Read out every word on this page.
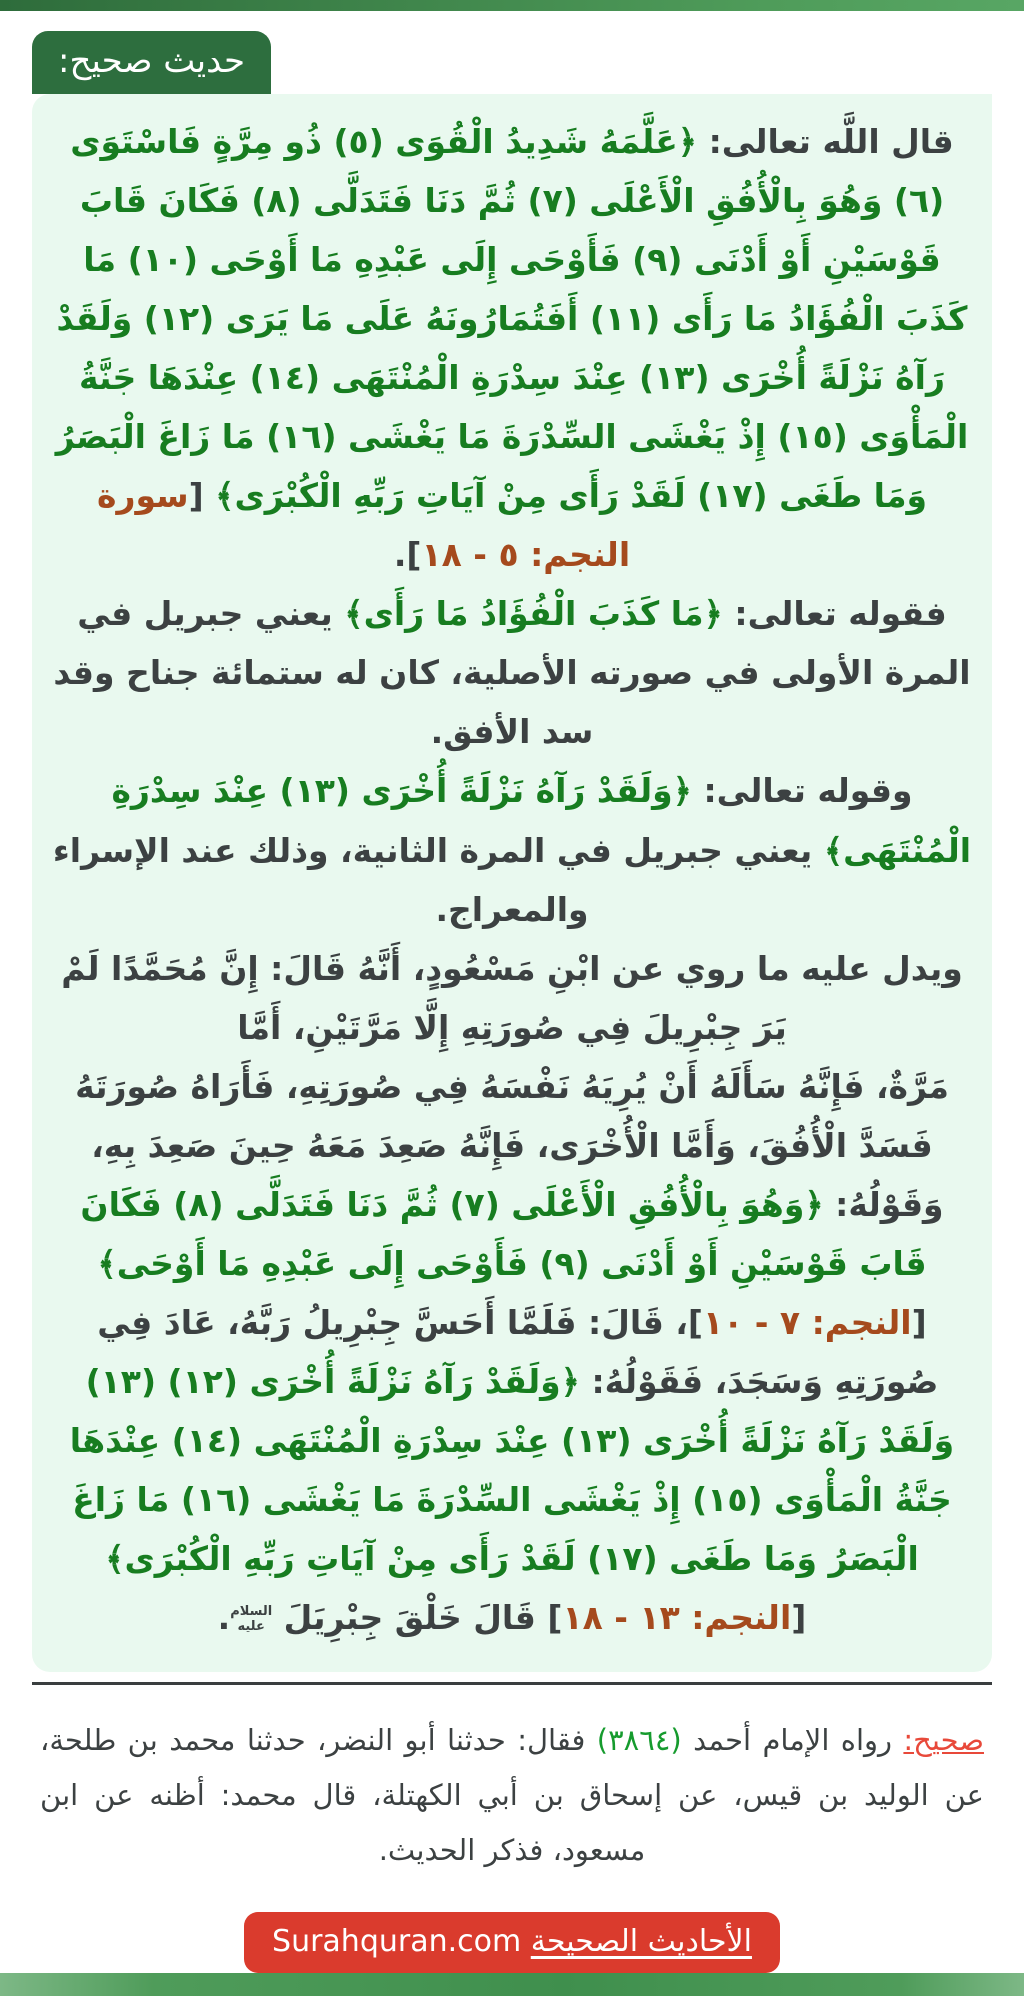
حديث صحيح:

قال اللَّه تعالى: ﴿عَلَّمَهُ شَدِيدُ الْقُوَى (٥) ذُو مِرَّةٍ فَاسْتَوَى (٦) وَهُوَ بِالْأُفُقِ الْأَعْلَى (٧) ثُمَّ دَنَا فَتَدَلَّى (٨) فَكَانَ قَابَ قَوْسَيْنِ أَوْ أَدْنَى (٩) فَأَوْحَى إِلَى عَبْدِهِ مَا أَوْحَى (١٠) مَا كَذَبَ الْفُؤَادُ مَا رَأَى (١١) أَفَتُمَارُونَهُ عَلَى مَا يَرَى (١٢) وَلَقَدْ رَآهُ نَزْلَةً أُخْرَى (١٣) عِنْدَ سِدْرَةِ الْمُنْتَهَى (١٤) عِنْدَهَا جَنَّةُ الْمَأْوَى (١٥) إِذْ يَغْشَى السِّدْرَةَ مَا يَغْشَى (١٦) مَا زَاغَ الْبَصَرُ وَمَا طَغَى (١٧) لَقَدْ رَأَى مِنْ آيَاتِ رَبِّهِ الْكُبْرَى﴾ [سورة النجم: ٥ - ١٨].

فقوله تعالى: ﴿مَا كَذَبَ الْفُؤَادُ مَا رَأَى﴾ يعني جبريل في المرة الأولى في صورته الأصلية، كان له ستمائة جناح وقد سد الأفق.

وقوله تعالى: ﴿وَلَقَدْ رَآهُ نَزْلَةً أُخْرَى (١٣) عِنْدَ سِدْرَةِ الْمُنْتَهَى﴾ يعني جبريل في المرة الثانية، وذلك عند الإسراء والمعراج.

ويدل عليه ما روي عن ابْنِ مَسْعُودٍ، أَنَّهُ قَالَ: إِنَّ مُحَمَّدًا لَمْ يَرَ جِبْرِيلَ فِي صُورَتِهِ إِلَّا مَرَّتَيْنِ، أَمَّا
مَرَّةٌ، فَإِنَّهُ سَأَلَهُ أَنْ يُرِيَهُ نَفْسَهُ فِي صُورَتِهِ، فَأَرَاهُ صُورَتَهُ فَسَدَّ الْأُفُقَ، وَأَمَّا الْأُخْرَى، فَإِنَّهُ صَعِدَ مَعَهُ حِينَ صَعِدَ بِهِ، وَقَوْلُهُ: ﴿وَهُوَ بِالْأُفُقِ الْأَعْلَى (٧) ثُمَّ دَنَا فَتَدَلَّى (٨) فَكَانَ قَابَ قَوْسَيْنِ أَوْ أَدْنَى (٩) فَأَوْحَى إِلَى عَبْدِهِ مَا أَوْحَى﴾ [النجم: ٧ - ١٠]، قَالَ: فَلَمَّا أَحَسَّ جِبْرِيلُ رَبَّهُ، عَادَ فِي صُورَتِهِ وَسَجَدَ، فَقَوْلُهُ: ﴿وَلَقَدْ رَآهُ نَزْلَةً أُخْرَى (١٢) (١٣) وَلَقَدْ رَآهُ نَزْلَةً أُخْرَى (١٣) عِنْدَ سِدْرَةِ الْمُنْتَهَى (١٤) عِنْدَهَا جَنَّةُ الْمَأْوَى (١٥) إِذْ يَغْشَى السِّدْرَةَ مَا يَغْشَى (١٦) مَا زَاغَ الْبَصَرُ وَمَا طَغَى (١٧) لَقَدْ رَأَى مِنْ آيَاتِ رَبِّهِ الْكُبْرَى﴾ [النجم: ١٣ - ١٨] قَالَ خَلْقَ جِبْرِيَلَ
السلام
عليه
.

صحيح: رواه الإمام أحمد (٣٨٦٤) فقال: حدثنا أبو النضر، حدثنا محمد بن طلحة، عن الوليد بن قيس، عن إسحاق بن أبي الكهتلة، قال محمد: أظنه عن ابن مسعود، فذكر الحديث.

الأحاديث الصحيحة Surahquran.com
